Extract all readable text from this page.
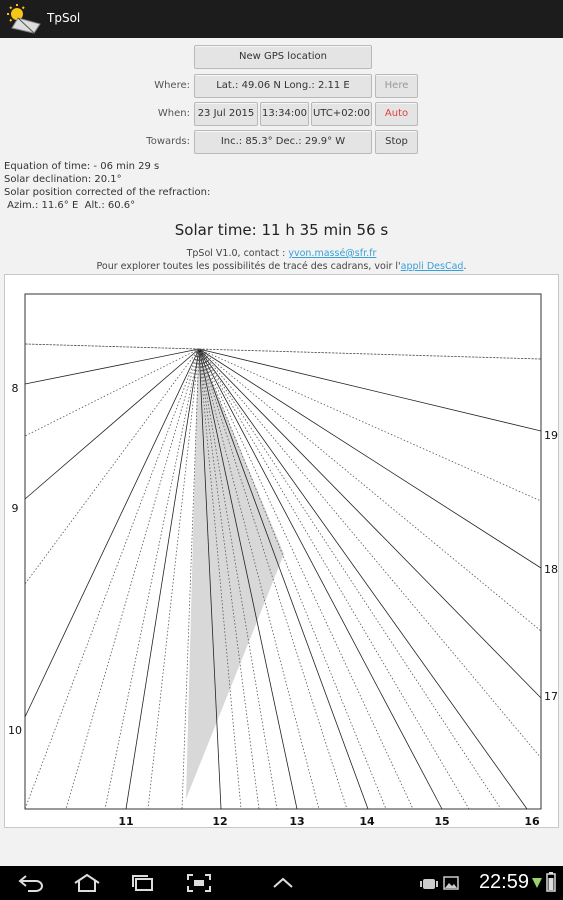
TpSol
New GPS location
Where:	Lat.: 49.06 N Long.: 2.11 E	Here
When: 23 Jul 2015 13:34:00 UTC+02:00	Auto
Towards:	Inc.: 85.3° Dec.: 29.9° W	Stop
Equation of time: - 06 min 29 s
Solar declination: 20.1°
Solar position corrected of the refraction:
Azim.: 11.6° E  Alt.: 60.6°
Solar time: 11 h 35 min 56 s
TpSol V1.0, contact : yvon.massé@sfr.fr
Pour explorer toutes les possibilités de tracé des cadrans, voir l'appli DesCad.
8
9
10
19
18
17
11	12	13	14	15	16
22:59
